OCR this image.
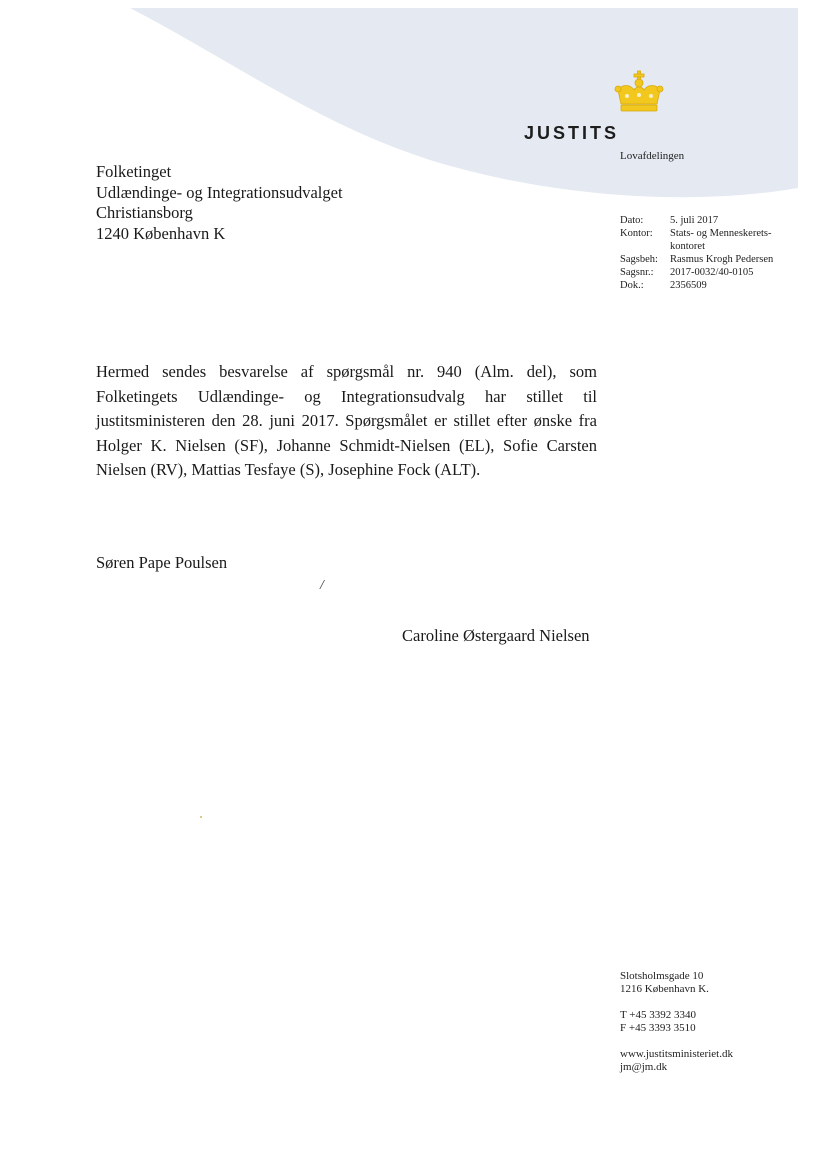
JUSTITSMINISTERIET
Lovafdelingen
Folketinget
Udlændinge- og Integrationsudvalget
Christiansborg
1240 København K
Dato:	5. juli 2017
Kontor:	Stats- og Menneskerets-kontoret
Sagsbeh:	Rasmus Krogh Pedersen
Sagsnr.:	2017-0032/40-0105
Dok.:	2356509
Hermed sendes besvarelse af spørgsmål nr. 940 (Alm. del), som Folketingets Udlændinge- og Integrationsudvalg har stillet til justitsministeren den 28. juni 2017. Spørgsmålet er stillet efter ønske fra Holger K. Nielsen (SF), Johanne Schmidt-Nielsen (EL), Sofie Carsten Nielsen (RV), Mattias Tesfaye (S), Josephine Fock (ALT).
Søren Pape Poulsen
/
Caroline Østergaard Nielsen
Slotsholmsgade 10
1216 København K.
T +45 3392 3340
F +45 3393 3510
www.justitsministeriet.dk
jm@jm.dk
